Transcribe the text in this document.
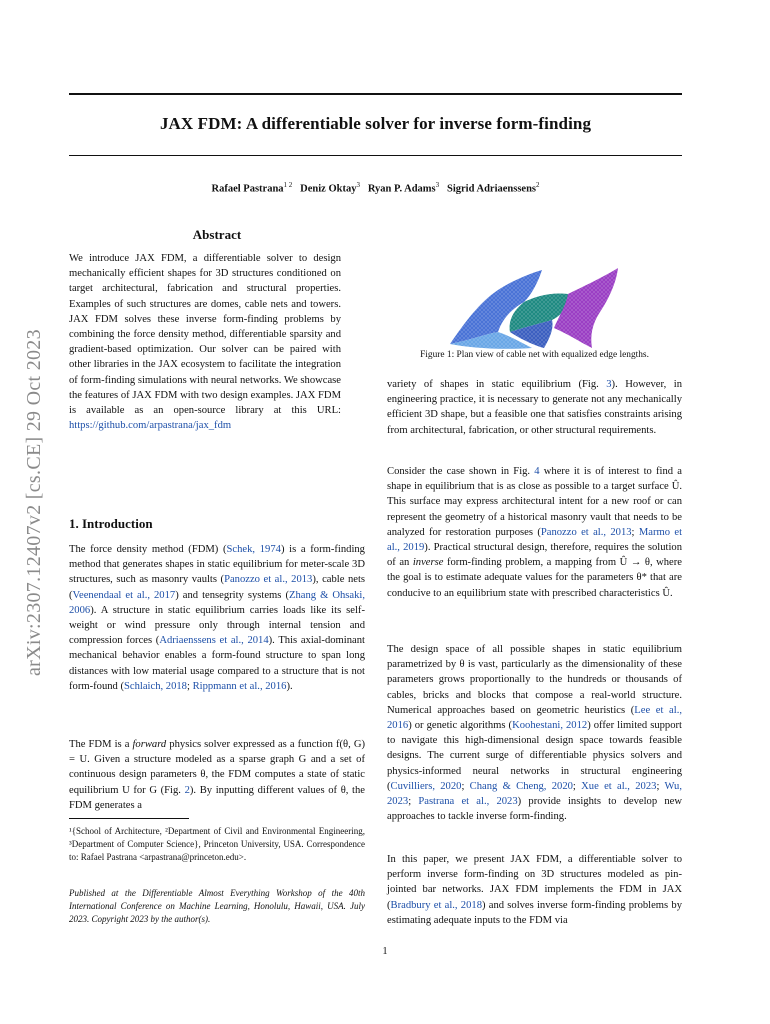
JAX FDM: A differentiable solver for inverse form-finding
Rafael Pastrana$^{1 2}$ Deniz Oktay$^3$ Ryan P. Adams$^3$ Sigrid Adriaenssens$^2$
arXiv:2307.12407v2 [cs.CE] 29 Oct 2023
Abstract

We introduce JAX FDM, a differentiable solver to design mechanically efficient shapes for 3D structures conditioned on target architectural, fabrication and structural properties. Examples of such structures are domes, cable nets and towers. JAX FDM solves these inverse form-finding problems by combining the force density method, differentiable sparsity and gradient-based optimization. Our solver can be paired with other libraries in the JAX ecosystem to facilitate the integration of form-finding simulations with neural networks. We showcase the features of JAX FDM with two design examples. JAX FDM is available as an open-source library at this URL: https://github.com/arpastrana/jax_fdm

1. Introduction

The force density method (FDM) (Schek, 1974) is a form-finding method that generates shapes in static equilibrium for meter-scale 3D structures, such as masonry vaults (Panozzo et al., 2013), cable nets (Veenendaal et al., 2017) and tensegrity systems (Zhang & Ohsaki, 2006). A structure in static equilibrium carries loads like its self-weight or wind pressure only through internal tension and compression forces (Adriaenssens et al., 2014). This axial-dominant mechanical behavior enables a form-found structure to span long distances with low material usage compared to a structure that is not form-found (Schlaich, 2018; Rippmann et al., 2016).

The FDM is a forward physics solver expressed as a function f(θ, G) = U. Given a structure modeled as a sparse graph G and a set of continuous design parameters θ, the FDM computes a state of static equilibrium U for G (Fig. 2). By inputting different values of θ, the FDM generates a

¹{School of Architecture, ²Department of Civil and Environmental Engineering, ³Department of Computer Science}, Princeton University, USA. Correspondence to: Rafael Pastrana <arpastrana@princeton.edu>.

Published at the Differentiable Almost Everything Workshop of the 40th International Conference on Machine Learning, Honolulu, Hawaii, USA. July 2023. Copyright 2023 by the author(s).

Figure 1: Plan view of cable net with equalized edge lengths.

variety of shapes in static equilibrium (Fig. 3). However, in engineering practice, it is necessary to generate not any mechanically efficient 3D shape, but a feasible one that satisfies constraints arising from architectural, fabrication, or other structural requirements.

Consider the case shown in Fig. 4 where it is of interest to find a shape in equilibrium that is as close as possible to a target surface Û. This surface may express architectural intent for a new roof or can represent the geometry of a historical masonry vault that needs to be analyzed for restoration purposes (Panozzo et al., 2013; Marmo et al., 2019). Practical structural design, therefore, requires the solution of an inverse form-finding problem, a mapping from Û → θ, where the goal is to estimate adequate values for the parameters θ* that are conducive to an equilibrium state with prescribed characteristics Û.

The design space of all possible shapes in static equilibrium parametrized by θ is vast, particularly as the dimensionality of these parameters grows proportionally to the hundreds or thousands of cables, bricks and blocks that compose a real-world structure. Numerical approaches based on geometric heuristics (Lee et al., 2016) or genetic algorithms (Koohestani, 2012) offer limited support to navigate this high-dimensional design space towards feasible designs. The current surge of differentiable physics solvers and physics-informed neural networks in structural engineering (Cuvilliers, 2020; Chang & Cheng, 2020; Xue et al., 2023; Wu, 2023; Pastrana et al., 2023) provide insights to develop new approaches to tackle inverse form-finding.

In this paper, we present JAX FDM, a differentiable solver to perform inverse form-finding on 3D structures modeled as pin-jointed bar networks. JAX FDM implements the FDM in JAX (Bradbury et al., 2018) and solves inverse form-finding problems by estimating adequate inputs to the FDM via

1
